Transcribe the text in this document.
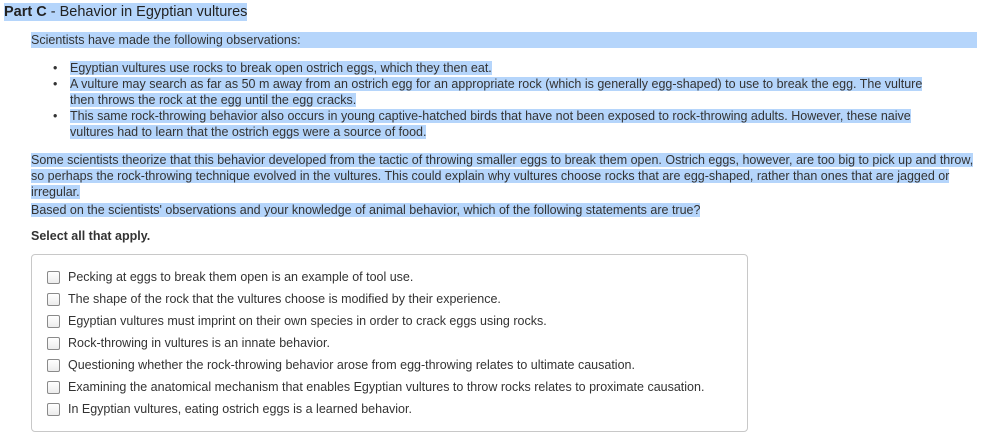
Part C - Behavior in Egyptian vultures
Scientists have made the following observations:
• Egyptian vultures use rocks to break open ostrich eggs, which they then eat.
• A vulture may search as far as 50 m away from an ostrich egg for an appropriate rock (which is generally egg-shaped) to use to break the egg. The vulture then throws the rock at the egg until the egg cracks.
• This same rock-throwing behavior also occurs in young captive-hatched birds that have not been exposed to rock-throwing adults. However, these naive vultures had to learn that the ostrich eggs were a source of food.

Some scientists theorize that this behavior developed from the tactic of throwing smaller eggs to break them open. Ostrich eggs, however, are too big to pick up and throw, so perhaps the rock-throwing technique evolved in the vultures. This could explain why vultures choose rocks that are egg-shaped, rather than ones that are jagged or irregular.

Based on the scientists' observations and your knowledge of animal behavior, which of the following statements are true?

Select all that apply.
Pecking at eggs to break them open is an example of tool use.
The shape of the rock that the vultures choose is modified by their experience.
Egyptian vultures must imprint on their own species in order to crack eggs using rocks.
Rock-throwing in vultures is an innate behavior.
Questioning whether the rock-throwing behavior arose from egg-throwing relates to ultimate causation.
Examining the anatomical mechanism that enables Egyptian vultures to throw rocks relates to proximate causation.
In Egyptian vultures, eating ostrich eggs is a learned behavior.
